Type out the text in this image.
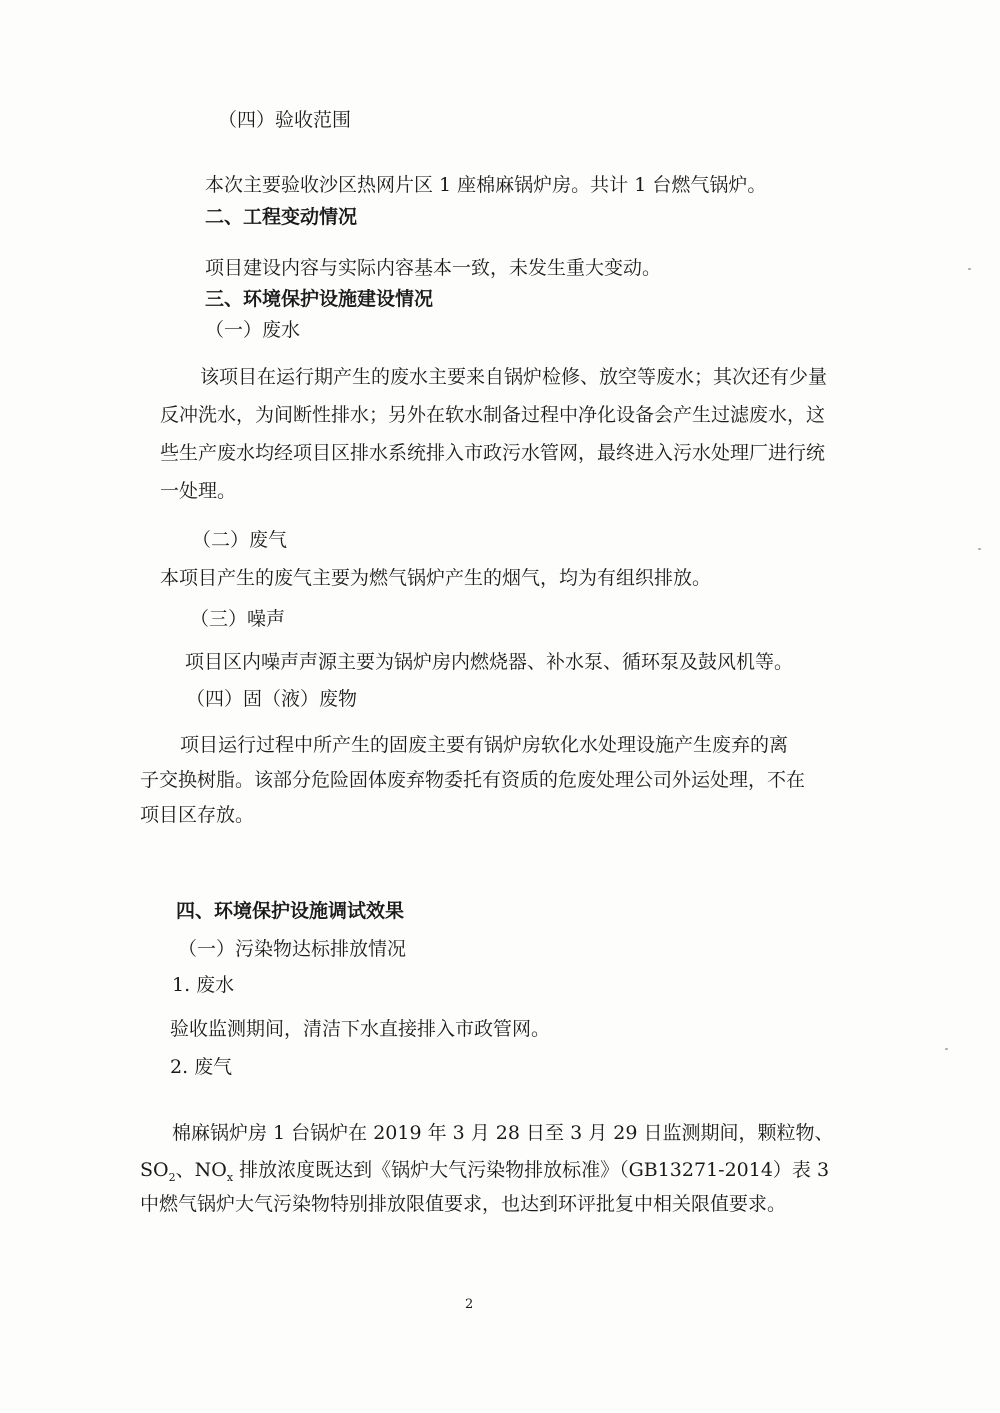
（四）验收范围
本次主要验收沙区热网片区 1 座棉麻锅炉房。共计 1 台燃气锅炉。
二、工程变动情况
项目建设内容与实际内容基本一致，未发生重大变动。
三、环境保护设施建设情况
（一）废水
该项目在运行期产生的废水主要来自锅炉检修、放空等废水；其次还有少量
反冲洗水，为间断性排水；另外在软水制备过程中净化设备会产生过滤废水，这
些生产废水均经项目区排水系统排入市政污水管网，最终进入污水处理厂进行统
一处理。
（二）废气
本项目产生的废气主要为燃气锅炉产生的烟气，均为有组织排放。
（三）噪声
项目区内噪声声源主要为锅炉房内燃烧器、补水泵、循环泵及鼓风机等。
（四）固（液）废物
项目运行过程中所产生的固废主要有锅炉房软化水处理设施产生废弃的离
子交换树脂。该部分危险固体废弃物委托有资质的危废处理公司外运处理，不在
项目区存放。
四、环境保护设施调试效果
（一）污染物达标排放情况
1. 废水
验收监测期间，清洁下水直接排入市政管网。
2. 废气
棉麻锅炉房 1 台锅炉在 2019 年 3 月 28 日至 3 月 29 日监测期间，颗粒物、
$SO_2$、$NO_x$ 排放浓度既达到《锅炉大气污染物排放标准》（GB13271-2014）表 3
中燃气锅炉大气污染物特别排放限值要求，也达到环评批复中相关限值要求。
2
